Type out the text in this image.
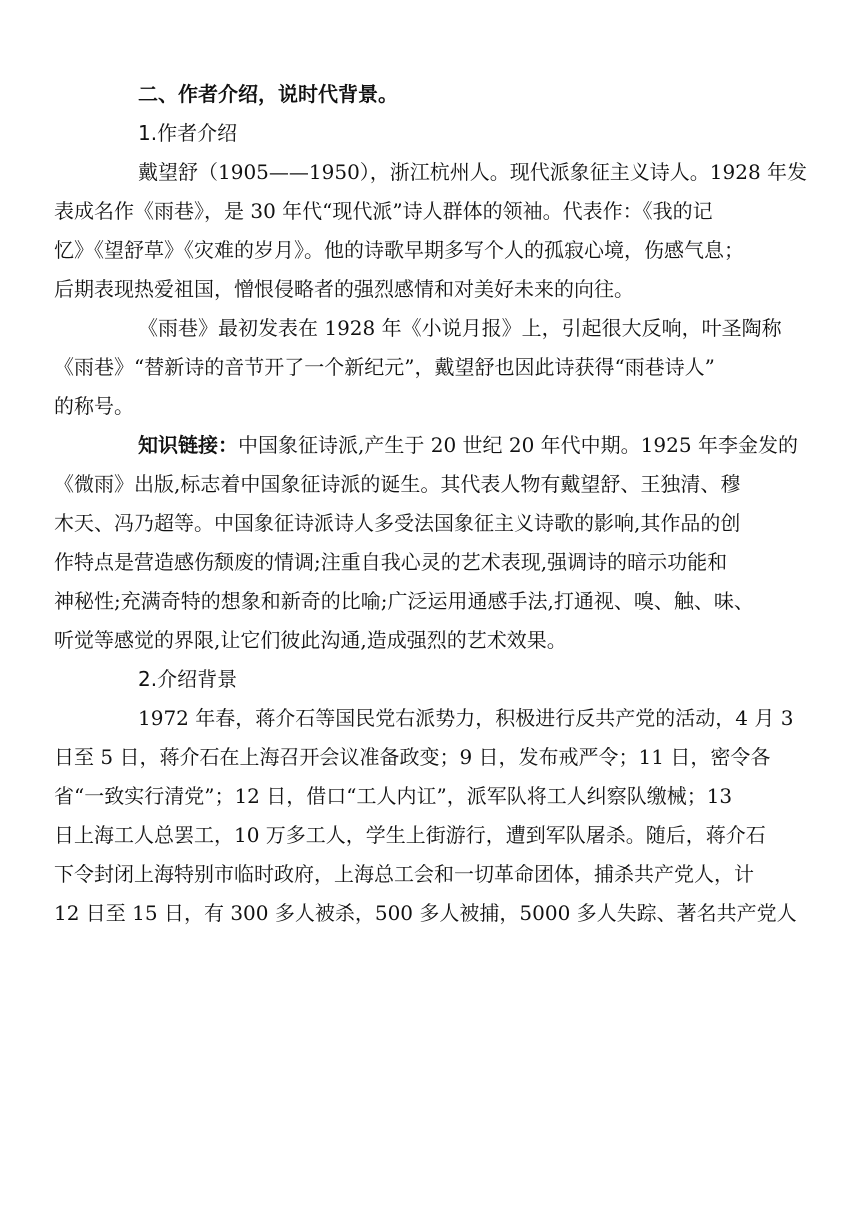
二、作者介绍，说时代背景。
1.作者介绍
戴望舒（1905——1950），浙江杭州人。现代派象征主义诗人。1928 年发
表成名作《雨巷》，是 30 年代“现代派”诗人群体的领袖。代表作：《我的记
忆》《望舒草》《灾难的岁月》。他的诗歌早期多写个人的孤寂心境，伤感气息；
后期表现热爱祖国，憎恨侵略者的强烈感情和对美好未来的向往。
《雨巷》最初发表在 1928 年《小说月报》上，引起很大反响，叶圣陶称
《雨巷》“替新诗的音节开了一个新纪元”，戴望舒也因此诗获得“雨巷诗人”
的称号。
知识链接：中国象征诗派,产生于 20 世纪 20 年代中期。1925 年李金发的
《微雨》出版,标志着中国象征诗派的诞生。其代表人物有戴望舒、王独清、穆
木天、冯乃超等。中国象征诗派诗人多受法国象征主义诗歌的影响,其作品的创
作特点是营造感伤颓废的情调;注重自我心灵的艺术表现,强调诗的暗示功能和
神秘性;充满奇特的想象和新奇的比喻;广泛运用通感手法,打通视、嗅、触、味、
听觉等感觉的界限,让它们彼此沟通,造成强烈的艺术效果。
2.介绍背景
1972 年春，蒋介石等国民党右派势力，积极进行反共产党的活动，4 月 3
日至 5 日，蒋介石在上海召开会议准备政变；9 日，发布戒严令；11 日，密令各
省“一致实行清党”；12 日，借口“工人内讧”，派军队将工人纠察队缴械；13
日上海工人总罢工，10 万多工人，学生上街游行，遭到军队屠杀。随后，蒋介石
下令封闭上海特别市临时政府，上海总工会和一切革命团体，捕杀共产党人，计
12 日至 15 日，有 300 多人被杀，500 多人被捕，5000 多人失踪、著名共产党人
